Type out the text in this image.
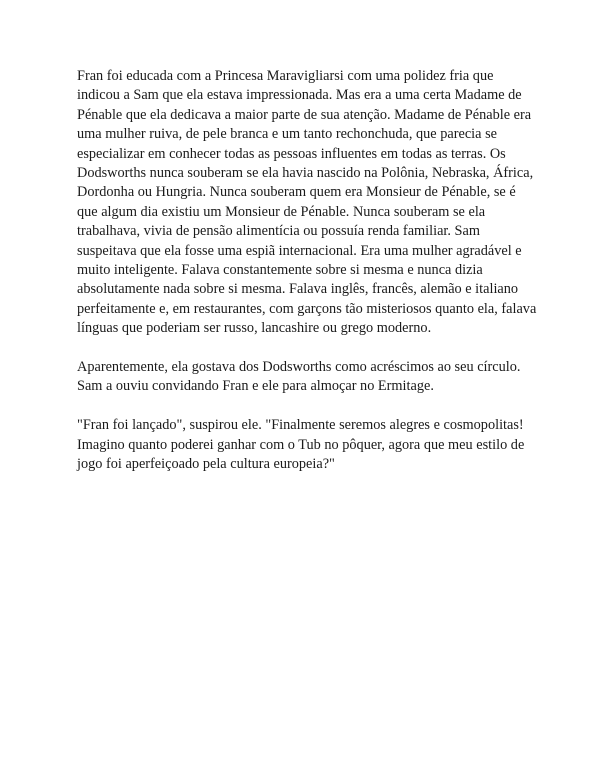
Fran foi educada com a Princesa Maravigliarsi com uma polidez fria que indicou a Sam que ela estava impressionada. Mas era a uma certa Madame de Pénable que ela dedicava a maior parte de sua atenção. Madame de Pénable era uma mulher ruiva, de pele branca e um tanto rechonchuda, que parecia se especializar em conhecer todas as pessoas influentes em todas as terras. Os Dodsworths nunca souberam se ela havia nascido na Polônia, Nebraska, África, Dordonha ou Hungria. Nunca souberam quem era Monsieur de Pénable, se é que algum dia existiu um Monsieur de Pénable. Nunca souberam se ela trabalhava, vivia de pensão alimentícia ou possuía renda familiar. Sam suspeitava que ela fosse uma espiã internacional. Era uma mulher agradável e muito inteligente. Falava constantemente sobre si mesma e nunca dizia absolutamente nada sobre si mesma. Falava inglês, francês, alemão e italiano perfeitamente e, em restaurantes, com garçons tão misteriosos quanto ela, falava línguas que poderiam ser russo, lancashire ou grego moderno.

Aparentemente, ela gostava dos Dodsworths como acréscimos ao seu círculo. Sam a ouviu convidando Fran e ele para almoçar no Ermitage.

"Fran foi lançado", suspirou ele. "Finalmente seremos alegres e cosmopolitas! Imagino quanto poderei ganhar com o Tub no pôquer, agora que meu estilo de jogo foi aperfeiçoado pela cultura europeia?"
